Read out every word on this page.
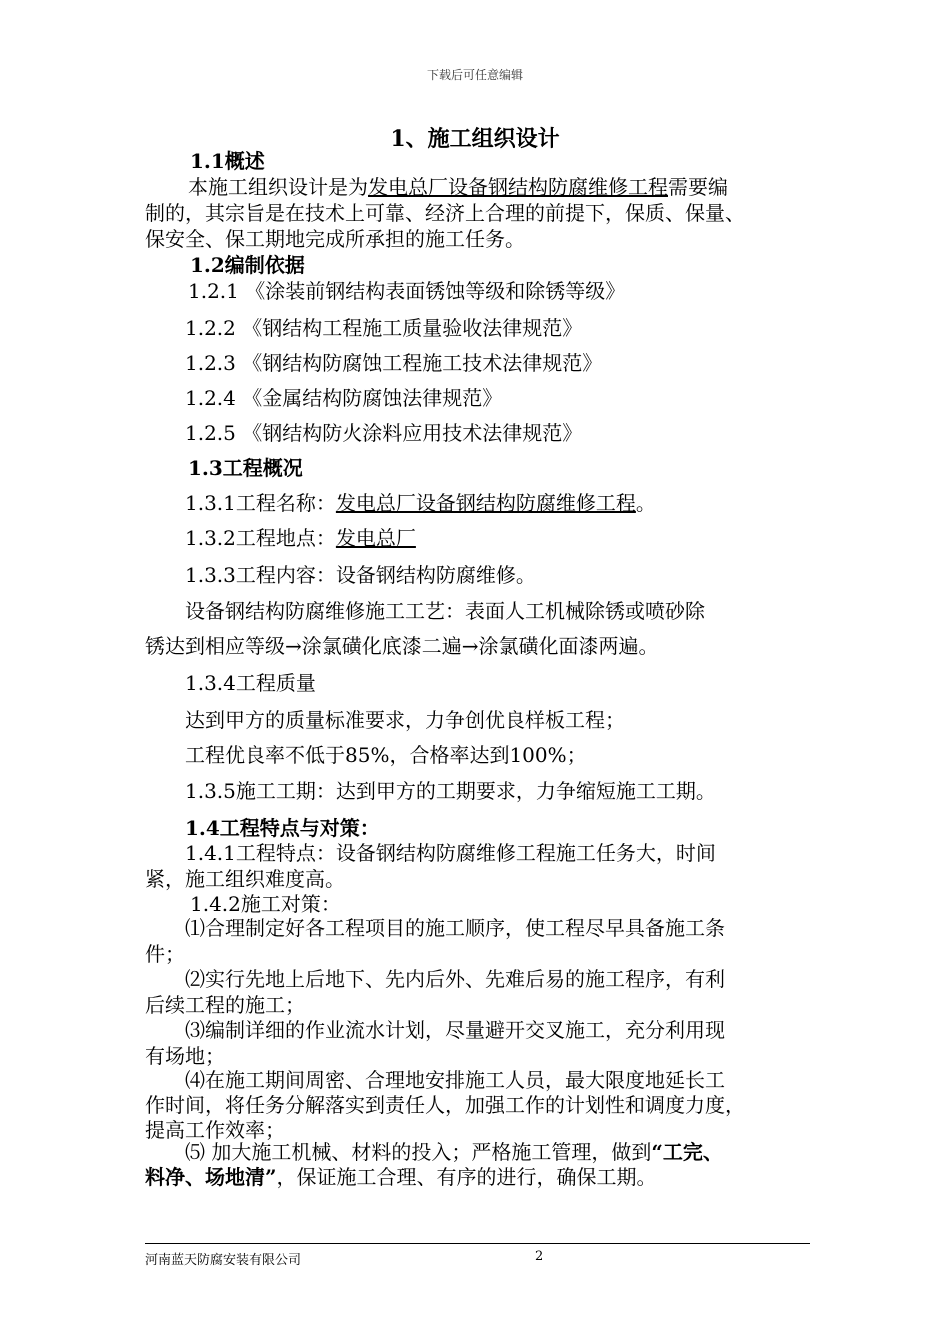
下载后可任意编辑
1、施工组织设计
1.1概述
本施工组织设计是为发电总厂设备钢结构防腐维修工程需要编
制的，其宗旨是在技术上可靠、经济上合理的前提下，保质、保量、
保安全、保工期地完成所承担的施工任务。
1.2编制依据
1.2.1 《涂装前钢结构表面锈蚀等级和除锈等级》
1.2.2 《钢结构工程施工质量验收法律规范》
1.2.3 《钢结构防腐蚀工程施工技术法律规范》
1.2.4 《金属结构防腐蚀法律规范》
1.2.5 《钢结构防火涂料应用技术法律规范》
1.3工程概况
1.3.1工程名称：发电总厂设备钢结构防腐维修工程。
1.3.2工程地点：发电总厂
1.3.3工程内容：设备钢结构防腐维修。
设备钢结构防腐维修施工工艺：表面人工机械除锈或喷砂除
锈达到相应等级→涂氯磺化底漆二遍→涂氯磺化面漆两遍。
1.3.4工程质量
达到甲方的质量标准要求，力争创优良样板工程；
工程优良率不低于85%，合格率达到100%；
1.3.5施工工期：达到甲方的工期要求，力争缩短施工工期。
1.4工程特点与对策：
1.4.1工程特点：设备钢结构防腐维修工程施工任务大，时间
紧，施工组织难度高。
1.4.2施工对策：
⑴合理制定好各工程项目的施工顺序，使工程尽早具备施工条
件；
⑵实行先地上后地下、先内后外、先难后易的施工程序，有利
后续工程的施工；
⑶编制详细的作业流水计划，尽量避开交叉施工，充分利用现
有场地；
⑷在施工期间周密、合理地安排施工人员，最大限度地延长工
作时间，将任务分解落实到责任人，加强工作的计划性和调度力度，
提高工作效率；
⑸ 加大施工机械、材料的投入；严格施工管理，做到“工完、
料净、场地清”，保证施工合理、有序的进行，确保工期。
河南蓝天防腐安装有限公司	2
